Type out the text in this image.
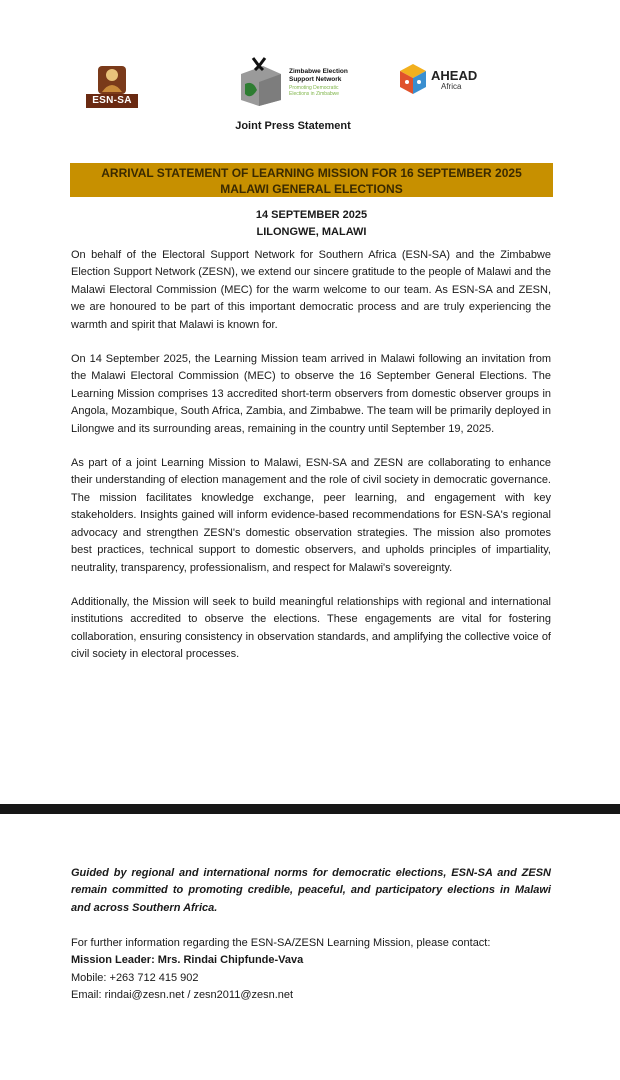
ESN-SA
Zimbabwe Election Support Network
Promoting Democratic Elections in Zimbabwe
AHEAD
Africa
Joint Press Statement
ARRIVAL STATEMENT OF LEARNING MISSION FOR 16 SEPTEMBER 2025
MALAWI GENERAL ELECTIONS
14 SEPTEMBER 2025
LILONGWE, MALAWI

On behalf of the Electoral Support Network for Southern Africa (ESN-SA) and the Zimbabwe Election Support Network (ZESN), we extend our sincere gratitude to the people of Malawi and the Malawi Electoral Commission (MEC) for the warm welcome to our team. As ESN-SA and ZESN, we are honoured to be part of this important democratic process and are truly experiencing the warmth and spirit that Malawi is known for.

On 14 September 2025, the Learning Mission team arrived in Malawi following an invitation from the Malawi Electoral Commission (MEC) to observe the 16 September General Elections. The Learning Mission comprises 13 accredited short-term observers from domestic observer groups in Angola, Mozambique, South Africa, Zambia, and Zimbabwe. The team will be primarily deployed in Lilongwe and its surrounding areas, remaining in the country until September 19, 2025.

As part of a joint Learning Mission to Malawi, ESN-SA and ZESN are collaborating to enhance their understanding of election management and the role of civil society in democratic governance. The mission facilitates knowledge exchange, peer learning, and engagement with key stakeholders. Insights gained will inform evidence-based recommendations for ESN-SA's regional advocacy and strengthen ZESN's domestic observation strategies. The mission also promotes best practices, technical support to domestic observers, and upholds principles of impartiality, neutrality, transparency, professionalism, and respect for Malawi's sovereignty.

Additionally, the Mission will seek to build meaningful relationships with regional and international institutions accredited to observe the elections. These engagements are vital for fostering collaboration, ensuring consistency in observation standards, and amplifying the collective voice of civil society in electoral processes.

Guided by regional and international norms for democratic elections, ESN-SA and ZESN remain committed to promoting credible, peaceful, and participatory elections in Malawi and across Southern Africa.
For further information regarding the ESN-SA/ZESN Learning Mission, please contact:
Mission Leader: Mrs. Rindai Chipfunde-Vava
Mobile: +263 712 415 902
Email: rindai@zesn.net / zesn2011@zesn.net
